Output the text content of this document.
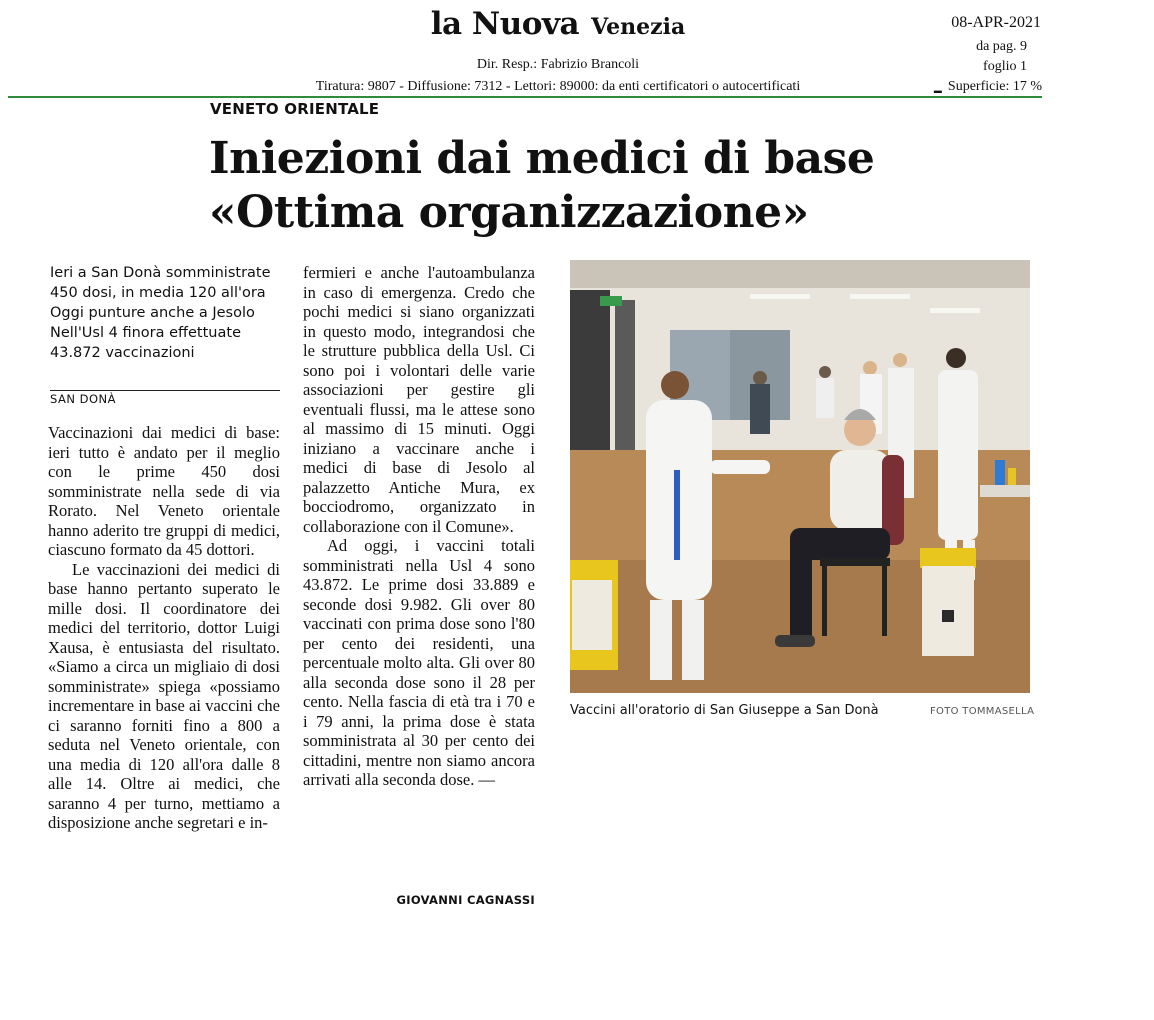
la Nuova Venezia
Dir. Resp.: Fabrizio Brancoli
Tiratura: 9807 - Diffusione: 7312 - Lettori: 89000: da enti certificatori o autocertificati
08-APR-2021
da pag. 9
foglio 1
▬ Superficie: 17 %
VENETO ORIENTALE
Iniezioni dai medici di base
«Ottima organizzazione»
Ieri a San Donà somministrate
450 dosi, in media 120 all'ora
Oggi punture anche a Jesolo
Nell'Usl 4 finora effettuate
43.872 vaccinazioni
SAN DONÀ

Vaccinazioni dai medici di base: ieri tutto è andato per il meglio con le prime 450 dosi somministrate nella sede di via Rorato. Nel Veneto orientale hanno aderito tre gruppi di medici, ciascuno formato da 45 dottori.

Le vaccinazioni dei medici di base hanno pertanto superato le mille dosi. Il coordinatore dei medici del territorio, dottor Luigi Xausa, è entusiasta del risultato. «Siamo a circa un migliaio di dosi somministrate» spiega «possiamo incrementare in base ai vaccini che ci saranno forniti fino a 800 a seduta nel Veneto orientale, con una media di 120 all'ora dalle 8 alle 14. Oltre ai medici, che saranno 4 per turno, mettiamo a disposizione anche segretari e in-

fermieri e anche l'autoambulanza in caso di emergenza. Credo che pochi medici si siano organizzati in questo modo, integrandosi che le strutture pubblica della Usl. Ci sono poi i volontari delle varie associazioni per gestire gli eventuali flussi, ma le attese sono al massimo di 15 minuti. Oggi iniziano a vaccinare anche i medici di base di Jesolo al palazzetto Antiche Mura, ex bocciodromo, organizzato in collaborazione con il Comune».

Ad oggi, i vaccini totali somministrati nella Usl 4 sono 43.872. Le prime dosi 33.889 e seconde dosi 9.982. Gli over 80 vaccinati con prima dose sono l'80 per cento dei residenti, una percentuale molto alta. Gli over 80 alla seconda dose sono il 28 per cento. Nella fascia di età tra i 70 e i 79 anni, la prima dose è stata somministrata al 30 per cento dei cittadini, mentre non siamo ancora arrivati alla seconda dose. —

GIOVANNI CAGNASSI
Vaccini all'oratorio di San Giuseppe a San Donà	FOTO TOMMASELLA
